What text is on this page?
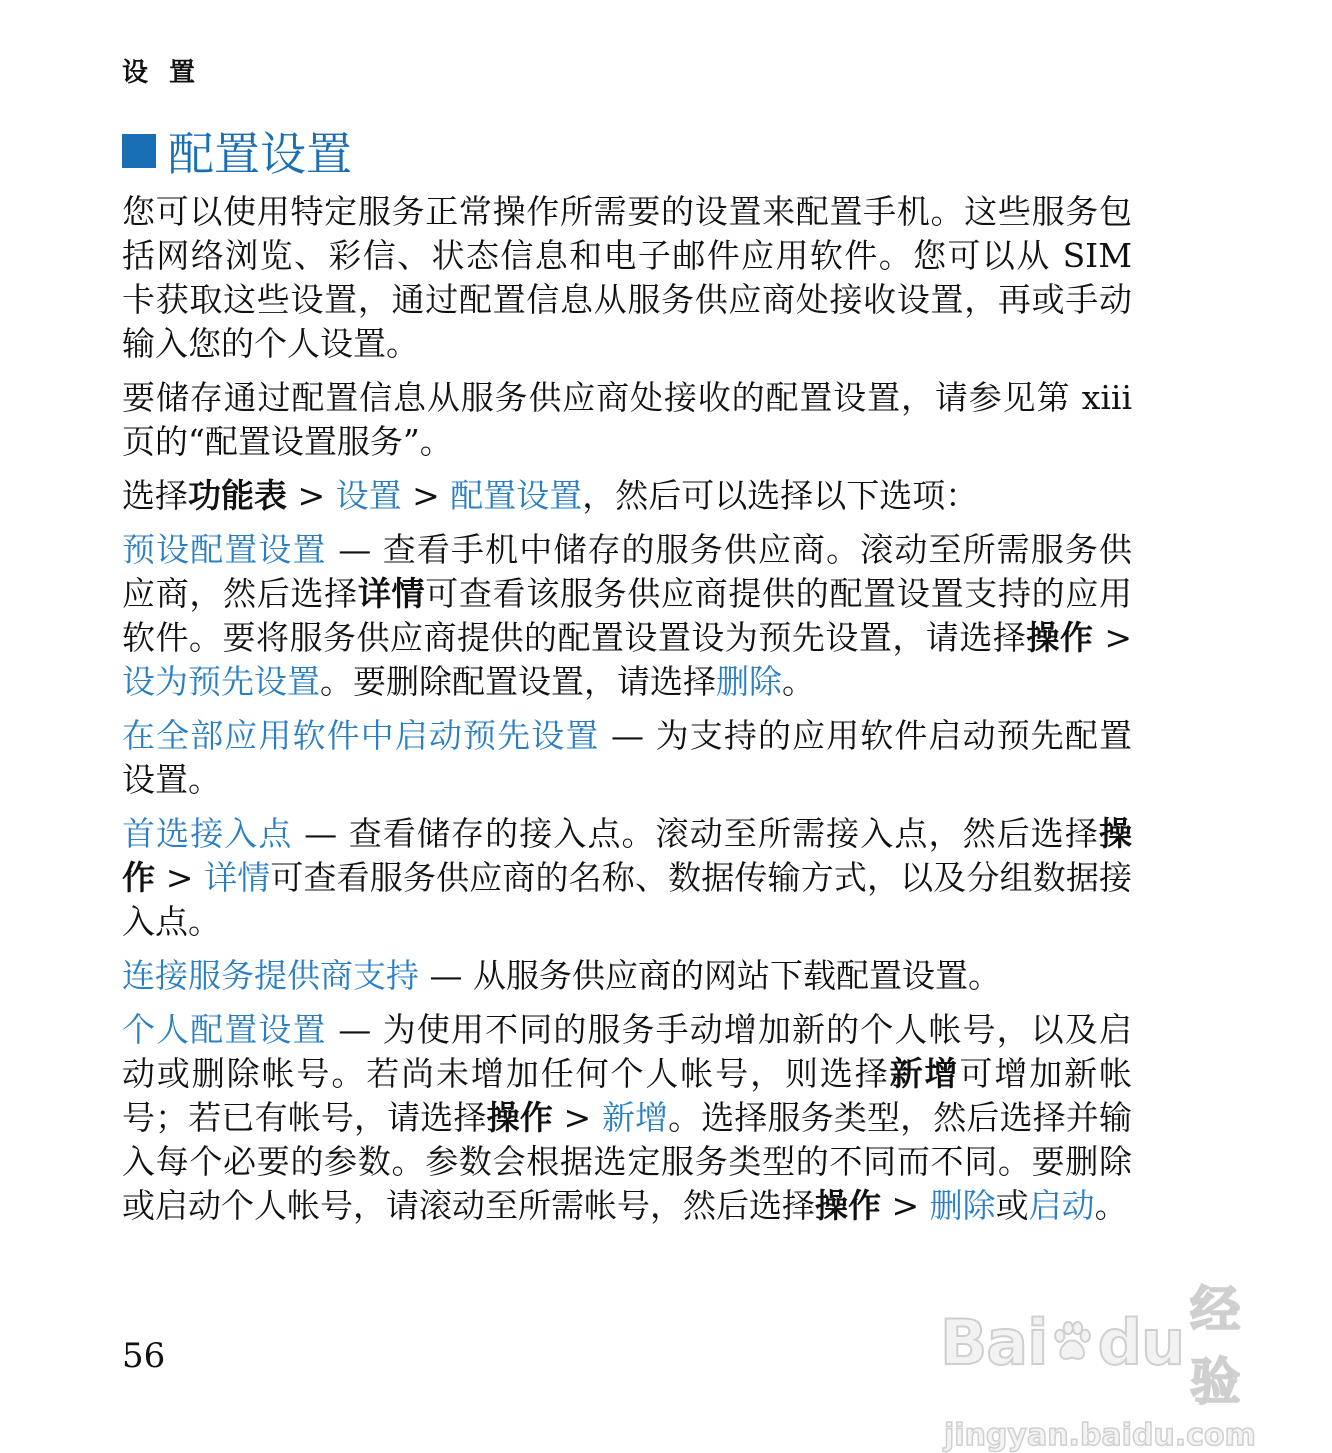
设 置
配置设置

您可以使用特定服务正常操作所需要的设置来配置手机。这些服务包括网络浏览、彩信、状态信息和电子邮件应用软件。您可以从 SIM 卡获取这些设置，通过配置信息从服务供应商处接收设置，再或手动输入您的个人设置。

要储存通过配置信息从服务供应商处接收的配置设置，请参见第 xiii 页的“配置设置服务”。

选择功能表 > 设置 > 配置设置，然后可以选择以下选项：

预设配置设置 — 查看手机中储存的服务供应商。滚动至所需服务供应商，然后选择详情可查看该服务供应商提供的配置设置支持的应用软件。要将服务供应商提供的配置设置设为预先设置，请选择操作 > 设为预先设置。要删除配置设置，请选择删除。

在全部应用软件中启动预先设置 — 为支持的应用软件启动预先配置设置。

首选接入点 — 查看储存的接入点。滚动至所需接入点，然后选择操作 > 详情可查看服务供应商的名称、数据传输方式，以及分组数据接入点。

连接服务提供商支持 — 从服务供应商的网站下载配置设置。

个人配置设置 — 为使用不同的服务手动增加新的个人帐号，以及启动或删除帐号。若尚未增加任何个人帐号，则选择新增可增加新帐号；若已有帐号，请选择操作 > 新增。选择服务类型，然后选择并输入每个必要的参数。参数会根据选定服务类型的不同而不同。要删除或启动个人帐号，请滚动至所需帐号，然后选择操作 > 删除或启动。

56	Bai du 经验
jingyan.baidu.com
